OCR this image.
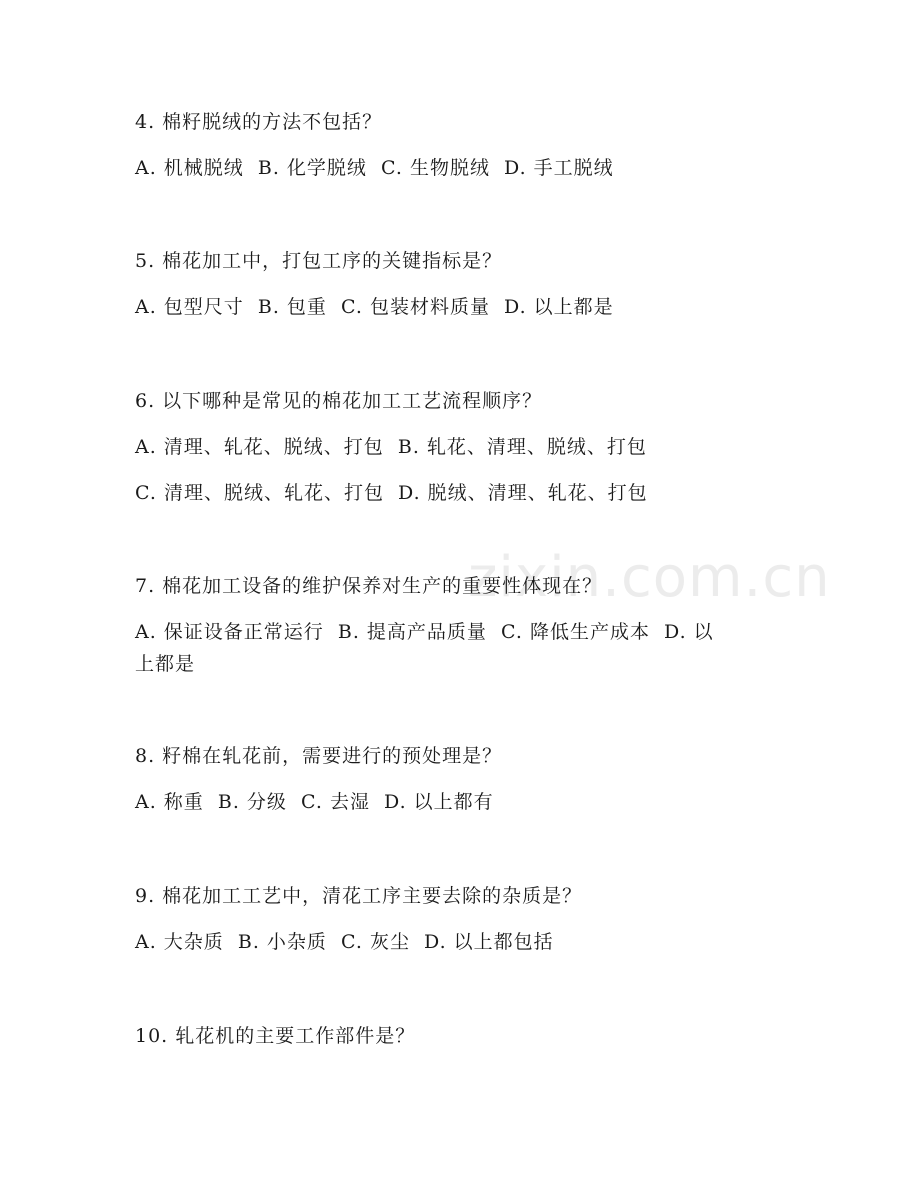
zixin.com.cn
4. 棉籽脱绒的方法不包括？
A. 机械脱绒  B. 化学脱绒  C. 生物脱绒  D. 手工脱绒
5. 棉花加工中，打包工序的关键指标是？
A. 包型尺寸  B. 包重  C. 包装材料质量  D. 以上都是
6. 以下哪种是常见的棉花加工工艺流程顺序？
A. 清理、轧花、脱绒、打包  B. 轧花、清理、脱绒、打包
C. 清理、脱绒、轧花、打包  D. 脱绒、清理、轧花、打包
7. 棉花加工设备的维护保养对生产的重要性体现在？
A. 保证设备正常运行  B. 提高产品质量  C. 降低生产成本  D. 以
上都是
8. 籽棉在轧花前，需要进行的预处理是？
A. 称重  B. 分级  C. 去湿  D. 以上都有
9. 棉花加工工艺中，清花工序主要去除的杂质是？
A. 大杂质  B. 小杂质  C. 灰尘  D. 以上都包括
10. 轧花机的主要工作部件是？
